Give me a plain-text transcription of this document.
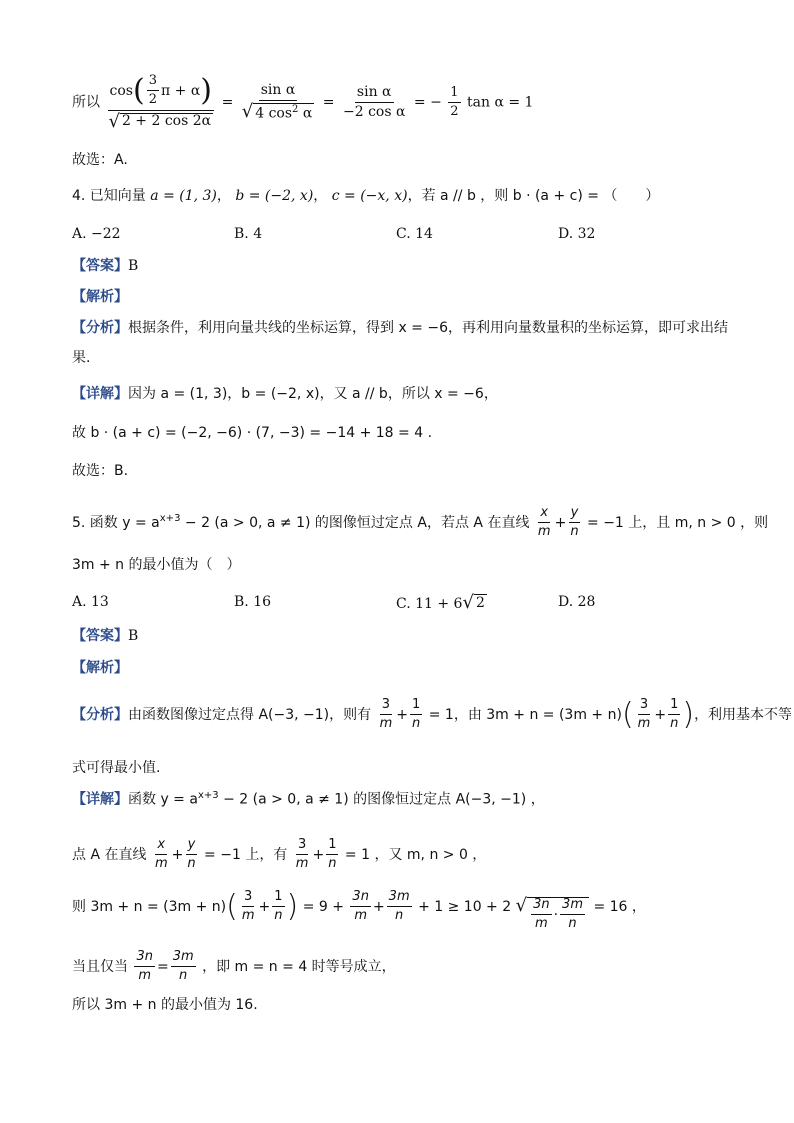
所以 $\frac{\cos( \frac{3}{2} \pi + \alpha)}{√ 2 + 2 \cos 2\alpha} = \frac{\text{sin α}}{√ 4 \cos^2 \alpha} = \frac{\text{sin α}}{\text{−2 cos α}}$ = − $\frac{1}{2}$ tan α = 1
故选：A.
4. 已知向量 a = (1, 3)， b = (−2, x)， c = (−x, x)，若 a // b ，则 b · (a + c) = （　　）
A. −22	B. 4	C. 14	D. 32
【答案】B
【解析】
【分析】根据条件，利用向量共线的坐标运算，得到 x = −6，再利用向量数量积的坐标运算，即可求出结
果.
【详解】因为 a = (1, 3)，b = (−2, x)，又 a // b，所以 x = −6，
故 b · (a + c) = (−2, −6) · (7, −3) = −14 + 18 = 4 .
故选：B.
5. 函数 $y = a^{x+3} - 2$ (a > 0, a ≠ 1) 的图像恒过定点 A，若点 A 在直线 $\frac{x}{m} + \frac{y}{n} = -1$ 上，且 m, n > 0 ，则
3m + n 的最小值为（　）
A. 13	B. 16	C. 11 + 6 √ 2	D. 28
【答案】B
【解析】
【分析】由函数图像过定点得 A(−3, −1)，则有 $\frac{3}{m} + \frac{1}{n} = 1$，由 $3m + n = (3m + n)( \frac{3}{m} + \frac{1}{n}$ )，利用基本不等
式可得最小值.
【详解】函数 $y = a^{x+3} - 2$ (a > 0, a ≠ 1) 的图像恒过定点 A(−3, −1) ，
点 A 在直线 $\frac{x}{m} + \frac{y}{n} = -1$ 上，有 $\frac{3}{m} + \frac{1}{n} = 1$ ，又 m, n > 0 ，
则 $3m + n = (3m + n)( \frac{3}{m} + \frac{1}{n}$ ) = $9 + \frac{3n}{m} + \frac{3m}{n} + 1 \ge 10 + 2$ √ $\frac{3n}{m} \cdot \frac{3m}{n} = 16$ ，
当且仅当 $\frac{3n}{m} = \frac{3m}{n}$ ，即 m = n = 4 时等号成立，
所以 3m + n 的最小值为 16.
